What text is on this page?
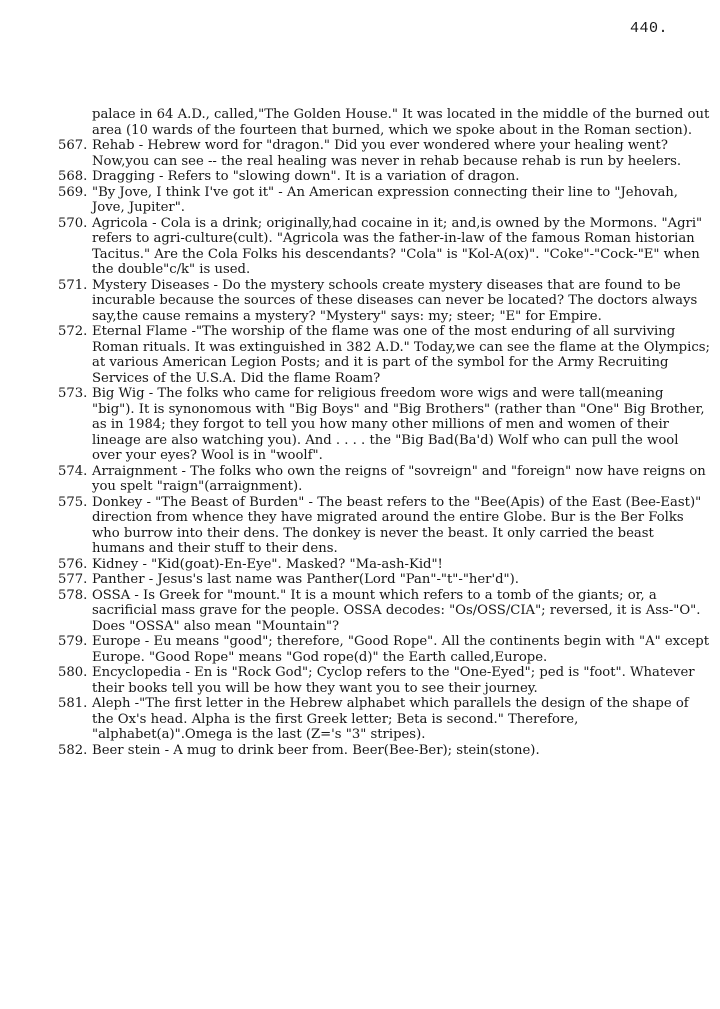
440.

palace in 64 A.D., called,"The Golden House." It was located in the middle of the burned out area (10 wards of the fourteen that burned, which we spoke about in the Roman section).

567. Rehab - Hebrew word for "dragon." Did you ever wondered where your healing went? Now,you can see -- the real healing was never in rehab because rehab is run by heelers.

568. Dragging - Refers to "slowing down". It is a variation of dragon.

569. "By Jove, I think I've got it" - An American expression connecting their line to "Jehovah, Jove, Jupiter".

570. Agricola - Cola is a drink; originally,had cocaine in it; and,is owned by the Mormons. "Agri" refers to agri-culture(cult). "Agricola was the father-in-law of the famous Roman historian Tacitus." Are the Cola Folks his descendants? "Cola" is "Kol-A(ox)". "Coke"-"Cock-"E" when the double"c/k" is used.

571. Mystery Diseases - Do the mystery schools create mystery diseases that are found to be incurable because the sources of these diseases can never be located? The doctors always say,the cause remains a mystery? "Mystery" says: my; steer; "E" for Empire.

572. Eternal Flame -"The worship of the flame was one of the most enduring of all surviving Roman rituals. It was extinguished in 382 A.D." Today,we can see the flame at the Olympics; at various American Legion Posts; and it is part of the symbol for the Army Recruiting Services of the U.S.A. Did the flame Roam?

573. Big Wig - The folks who came for religious freedom wore wigs and were tall(meaning "big"). It is synonomous with "Big Boys" and "Big Brothers" (rather than "One" Big Brother, as in 1984; they forgot to tell you how many other millions of men and women of their lineage are also watching you). And . . . . the "Big Bad(Ba'd) Wolf who can pull the wool over your eyes? Wool is in "woolf".

574. Arraignment - The folks who own the reigns of "sovreign" and "foreign" now have reigns on you spelt "raign"(arraignment).

575. Donkey - "The Beast of Burden" - The beast refers to the "Bee(Apis) of the East (Bee-East)" direction from whence they have migrated around the entire Globe. Bur is the Ber Folks who burrow into their dens. The donkey is never the beast. It only carried the beast humans and their stuff to their dens.

576. Kidney - "Kid(goat)-En-Eye". Masked? "Ma-ash-Kid"!

577. Panther - Jesus's last name was Panther(Lord "Pan"-"t"-"her'd").

578. OSSA - Is Greek for "mount." It is a mount which refers to a tomb of the giants; or, a sacrificial mass grave for the people. OSSA decodes: "Os/OSS/CIA"; reversed, it is Ass-"O". Does "OSSA" also mean "Mountain"?

579. Europe - Eu means "good"; therefore, "Good Rope". All the continents begin with "A" except Europe. "Good Rope" means "God rope(d)" the Earth called,Europe.

580. Encyclopedia - En is "Rock God"; Cyclop refers to the "One-Eyed"; ped is "foot". Whatever their books tell you will be how they want you to see their journey.

581. Aleph -"The first letter in the Hebrew alphabet which parallels the design of the shape of the Ox's head. Alpha is the first Greek letter; Beta is second." Therefore, "alphabet(a)".Omega is the last (Z='s "3" stripes).

582. Beer stein - A mug to drink beer from. Beer(Bee-Ber); stein(stone).
